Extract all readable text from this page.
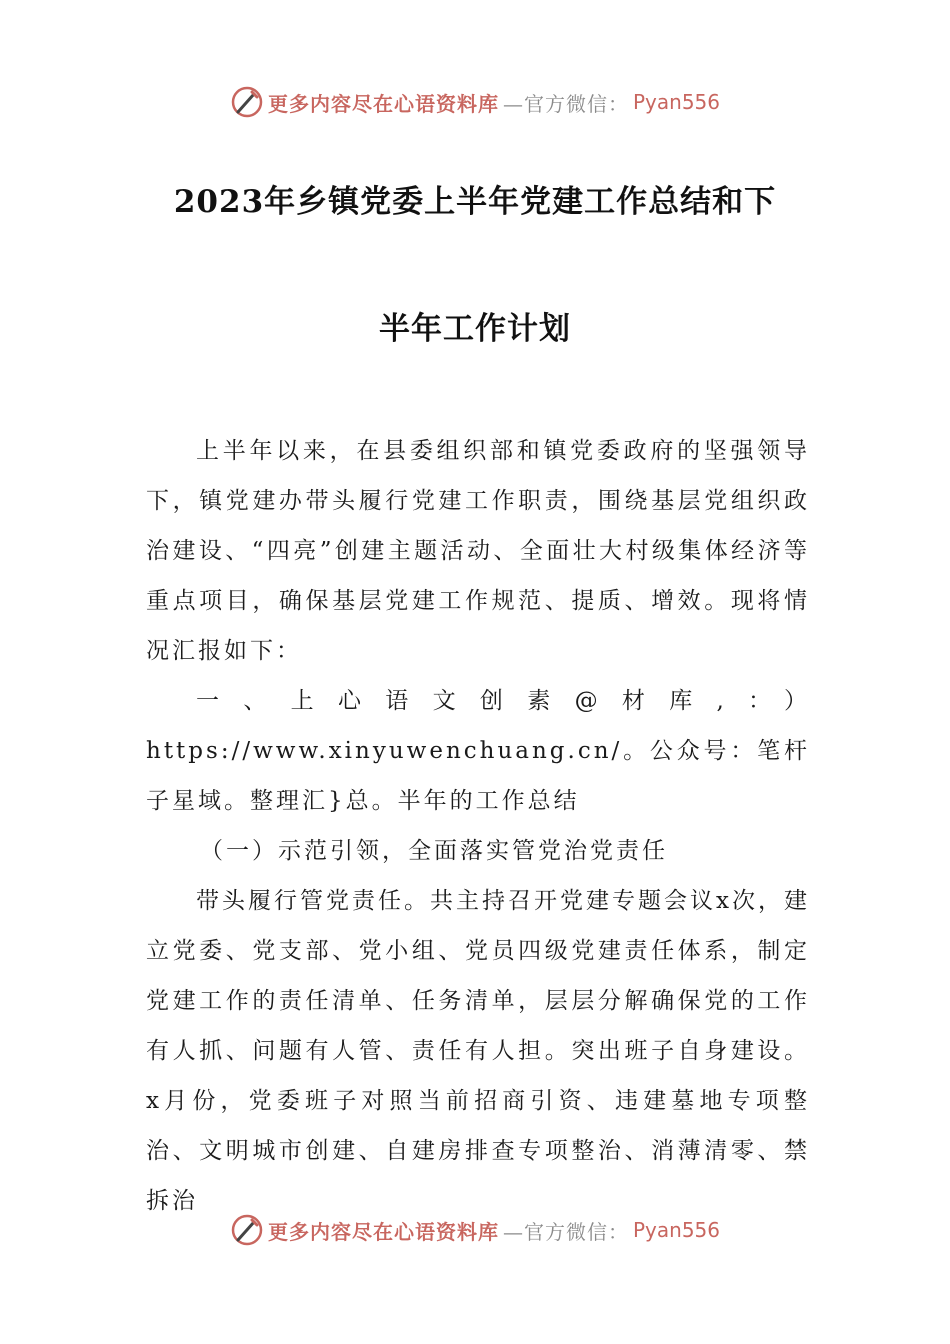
更多内容尽在心语资料库 —官方微信： Pyan556
2023年乡镇党委上半年党建工作总结和下
半年工作计划

上半年以来，在县委组织部和镇党委政府的坚强领导下，镇党建办带头履行党建工作职责，围绕基层党组织政治建设、“四亮”创建主题活动、全面壮大村级集体经济等重点项目，确保基层党建工作规范、提质、增效。现将情况汇报如下：

一、上心语文创素@材库,：）https://www.xinyuwenchuang.cn/。公众号：笔杆子星域。整理汇}总。半年的工作总结

（一）示范引领，全面落实管党治党责任

带头履行管党责任。共主持召开党建专题会议x次，建立党委、党支部、党小组、党员四级党建责任体系，制定党建工作的责任清单、任务清单，层层分解确保党的工作有人抓、问题有人管、责任有人担。突出班子自身建设。x月份，党委班子对照当前招商引资、违建墓地专项整治、文明城市创建、自建房排查专项整治、消薄清零、禁拆治

更多内容尽在心语资料库 —官方微信： Pyan556
